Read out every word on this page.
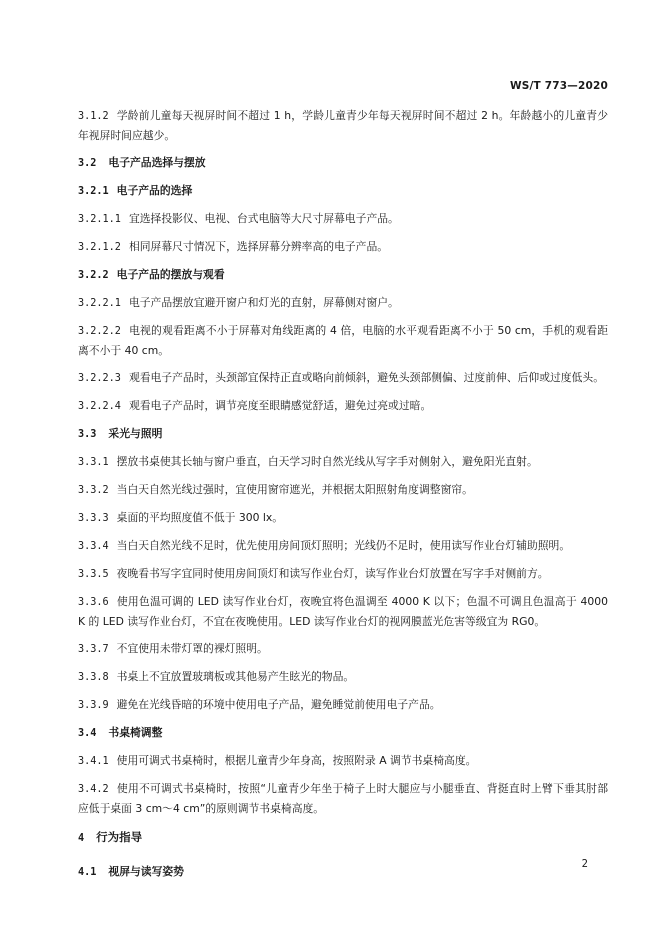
WS/T 773—2020

3.1.2 学龄前儿童每天视屏时间不超过 1 h，学龄儿童青少年每天视屏时间不超过 2 h。年龄越小的儿童青少年视屏时间应越少。

3.2 电子产品选择与摆放

3.2.1 电子产品的选择

3.2.1.1 宜选择投影仪、电视、台式电脑等大尺寸屏幕电子产品。

3.2.1.2 相同屏幕尺寸情况下，选择屏幕分辨率高的电子产品。

3.2.2 电子产品的摆放与观看

3.2.2.1 电子产品摆放宜避开窗户和灯光的直射，屏幕侧对窗户。

3.2.2.2 电视的观看距离不小于屏幕对角线距离的 4 倍，电脑的水平观看距离不小于 50 cm，手机的观看距离不小于 40 cm。

3.2.2.3 观看电子产品时，头颈部宜保持正直或略向前倾斜，避免头颈部侧偏、过度前伸、后仰或过度低头。

3.2.2.4 观看电子产品时，调节亮度至眼睛感觉舒适，避免过亮或过暗。

3.3 采光与照明

3.3.1 摆放书桌使其长轴与窗户垂直，白天学习时自然光线从写字手对侧射入，避免阳光直射。

3.3.2 当白天自然光线过强时，宜使用窗帘遮光，并根据太阳照射角度调整窗帘。

3.3.3 桌面的平均照度值不低于 300 lx。

3.3.4 当白天自然光线不足时，优先使用房间顶灯照明；光线仍不足时，使用读写作业台灯辅助照明。

3.3.5 夜晚看书写字宜同时使用房间顶灯和读写作业台灯，读写作业台灯放置在写字手对侧前方。

3.3.6 使用色温可调的 LED 读写作业台灯，夜晚宜将色温调至 4000 K 以下；色温不可调且色温高于 4000 K 的 LED 读写作业台灯，不宜在夜晚使用。LED 读写作业台灯的视网膜蓝光危害等级宜为 RG0。

3.3.7 不宜使用未带灯罩的裸灯照明。

3.3.8 书桌上不宜放置玻璃板或其他易产生眩光的物品。

3.3.9 避免在光线昏暗的环境中使用电子产品，避免睡觉前使用电子产品。

3.4 书桌椅调整

3.4.1 使用可调式书桌椅时，根据儿童青少年身高，按照附录 A 调节书桌椅高度。

3.4.2 使用不可调式书桌椅时，按照“儿童青少年坐于椅子上时大腿应与小腿垂直、背挺直时上臂下垂其肘部应低于桌面 3 cm～4 cm”的原则调节书桌椅高度。

4 行为指导

4.1 视屏与读写姿势

2
